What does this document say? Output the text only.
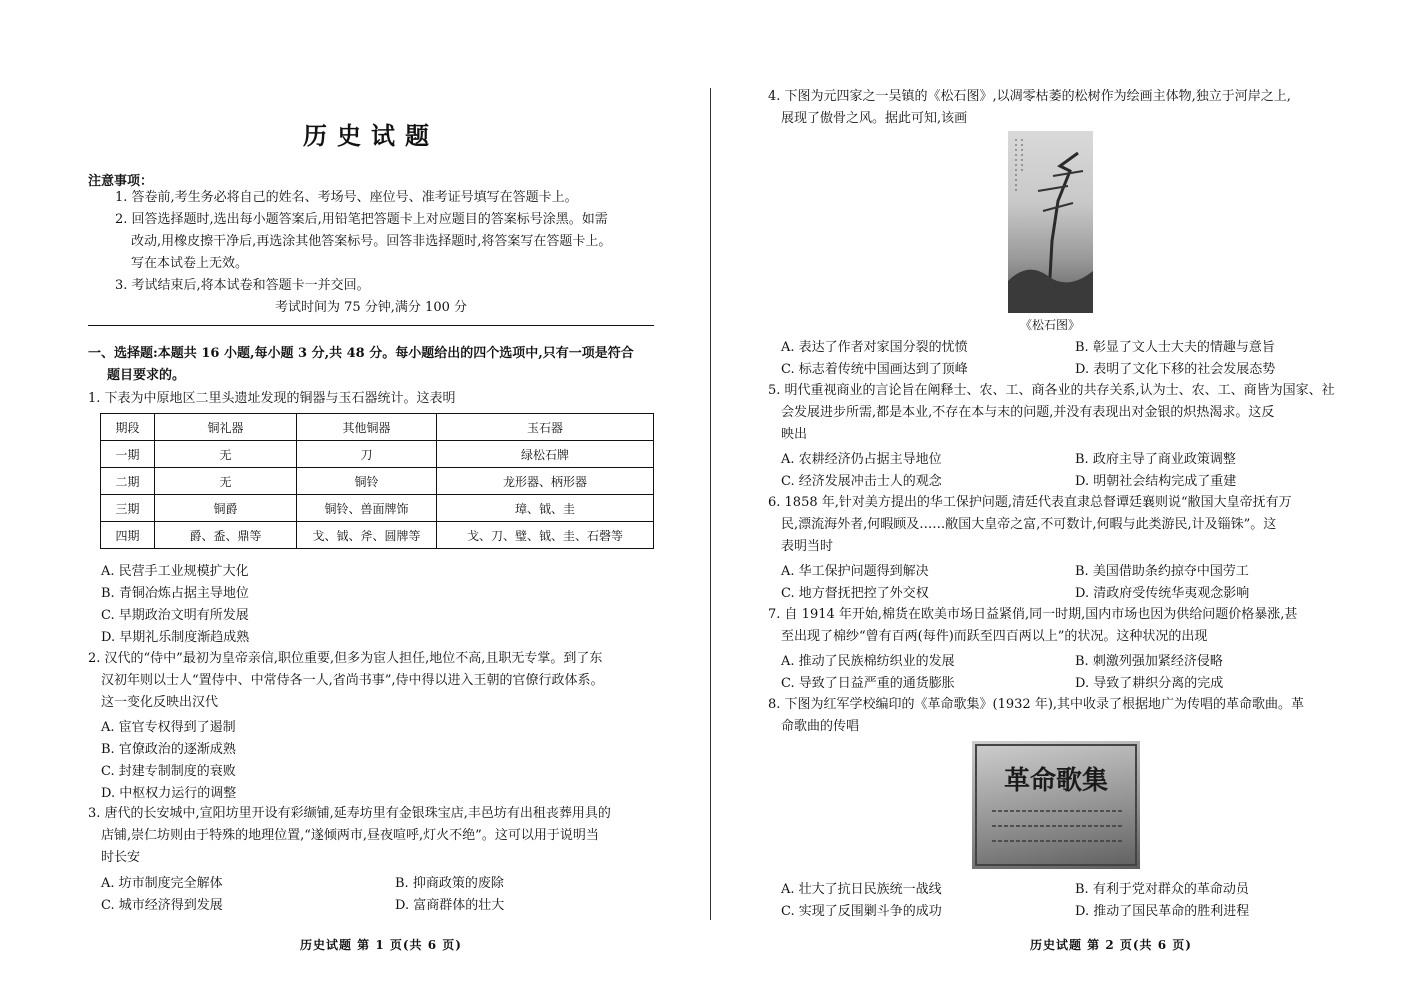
历史试题
注意事项：
1. 答卷前,考生务必将自己的姓名、考场号、座位号、准考证号填写在答题卡上。
2. 回答选择题时,选出每小题答案后,用铅笔把答题卡上对应题目的答案标号涂黑。如需
改动,用橡皮擦干净后,再选涂其他答案标号。回答非选择题时,将答案写在答题卡上。
写在本试卷上无效。
3. 考试结束后,将本试卷和答题卡一并交回。
考试时间为 75 分钟,满分 100 分
一、选择题:本题共 16 小题,每小题 3 分,共 48 分。每小题给出的四个选项中,只有一项是符合
题目要求的。
1. 下表为中原地区二里头遗址发现的铜器与玉石器统计。这表明
期段	铜礼器	其他铜器	玉石器
一期	无	刀	绿松石牌
二期	无	铜铃	龙形器、柄形器
三期	铜爵	铜铃、兽面牌饰	璋、钺、圭
四期	爵、盉、鼎等	戈、钺、斧、圆牌等	戈、刀、璧、钺、圭、石磬等
A. 民营手工业规模扩大化
B. 青铜冶炼占据主导地位
C. 早期政治文明有所发展
D. 早期礼乐制度渐趋成熟
2. 汉代的“侍中”最初为皇帝亲信,职位重要,但多为宦人担任,地位不高,且职无专掌。到了东
汉初年则以士人“置侍中、中常侍各一人,省尚书事”,侍中得以进入王朝的官僚行政体系。
这一变化反映出汉代
A. 宦官专权得到了遏制
B. 官僚政治的逐渐成熟
C. 封建专制制度的衰败
D. 中枢权力运行的调整
3. 唐代的长安城中,宣阳坊里开设有彩缬铺,延寿坊里有金银珠宝店,丰邑坊有出租丧葬用具的
店铺,崇仁坊则由于特殊的地理位置,“遂倾两市,昼夜喧呼,灯火不绝”。这可以用于说明当
时长安
A. 坊市制度完全解体	B. 抑商政策的废除
C. 城市经济得到发展	D. 富商群体的壮大
历史试题 第 1 页(共 6 页)
4. 下图为元四家之一吴镇的《松石图》,以凋零枯萎的松树作为绘画主体物,独立于河岸之上,
展现了傲骨之风。据此可知,该画
《松石图》
A. 表达了作者对家国分裂的忧愤	B. 彰显了文人士大夫的情趣与意旨
C. 标志着传统中国画达到了顶峰	D. 表明了文化下移的社会发展态势
5. 明代重视商业的言论旨在阐释士、农、工、商各业的共存关系,认为士、农、工、商皆为国家、社
会发展进步所需,都是本业,不存在本与末的问题,并没有表现出对金银的炽热渴求。这反
映出
A. 农耕经济仍占据主导地位	B. 政府主导了商业政策调整
C. 经济发展冲击士人的观念	D. 明朝社会结构完成了重建
6. 1858 年,针对美方提出的华工保护问题,清廷代表直隶总督谭廷襄则说“敝国大皇帝抚有万
民,漂流海外者,何暇顾及……敝国大皇帝之富,不可数计,何暇与此类游民,计及锱铢”。这
表明当时
A. 华工保护问题得到解决	B. 美国借助条约掠夺中国劳工
C. 地方督抚把控了外交权	D. 清政府受传统华夷观念影响
7. 自 1914 年开始,棉货在欧美市场日益紧俏,同一时期,国内市场也因为供给问题价格暴涨,甚
至出现了棉纱“曾有百两(每件)而跃至四百两以上”的状况。这种状况的出现
A. 推动了民族棉纺织业的发展	B. 刺激列强加紧经济侵略
C. 导致了日益严重的通货膨胀	D. 导致了耕织分离的完成
8. 下图为红军学校编印的《革命歌集》(1932 年),其中收录了根据地广为传唱的革命歌曲。革
命歌曲的传唱
革命歌集
A. 壮大了抗日民族统一战线	B. 有利于党对群众的革命动员
C. 实现了反围剿斗争的成功	D. 推动了国民革命的胜利进程
历史试题 第 2 页(共 6 页)
